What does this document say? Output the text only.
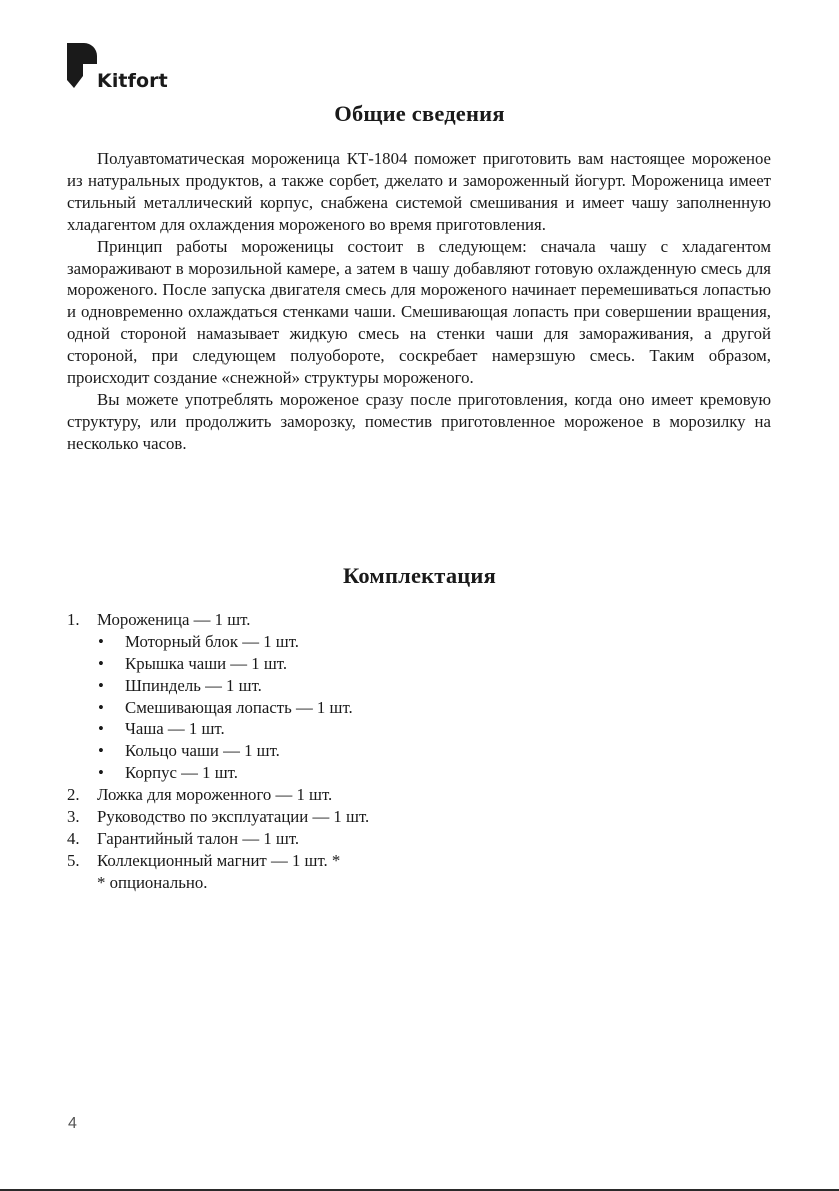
Kitfort
Общие сведения

Полуавтоматическая мороженица КТ-1804 поможет приготовить вам настоящее мороженое из натуральных продуктов, а также сорбет, джелато и замороженный йогурт. Мороженица имеет стильный металлический корпус, снабжена системой смешивания и имеет чашу заполненную хладагентом для охлаждения мороженого во время приготовления.

Принцип работы мороженицы состоит в следующем: сначала чашу с хладагентом замораживают в морозильной камере, а затем в чашу добавляют готовую охлажденную смесь для мороженого. После запуска двигателя смесь для мороженого начинает перемешиваться лопастью и одновременно охлаждаться стенками чаши. Смешивающая лопасть при совершении вращения, одной стороной намазывает жидкую смесь на стенки чаши для замораживания, а другой стороной, при следующем полуобороте, соскребает намерзшую смесь. Таким образом, происходит создание «снежной» структуры мороженого.

Вы можете употреблять мороженое сразу после приготовления, когда оно имеет кремовую структуру, или продолжить заморозку, поместив приготовленное мороженое в морозилку на несколько часов.

Комплектация
1. Мороженица — 1 шт.
• Моторный блок — 1 шт.
• Крышка чаши — 1 шт.
• Шпиндель — 1 шт.
• Смешивающая лопасть — 1 шт.
• Чаша — 1 шт.
• Кольцо чаши — 1 шт.
• Корпус — 1 шт.
2. Ложка для мороженного — 1 шт.
3. Руководство по эксплуатации — 1 шт.
4. Гарантийный талон — 1 шт.
5. Коллекционный магнит — 1 шт. *
* опционально.
4
